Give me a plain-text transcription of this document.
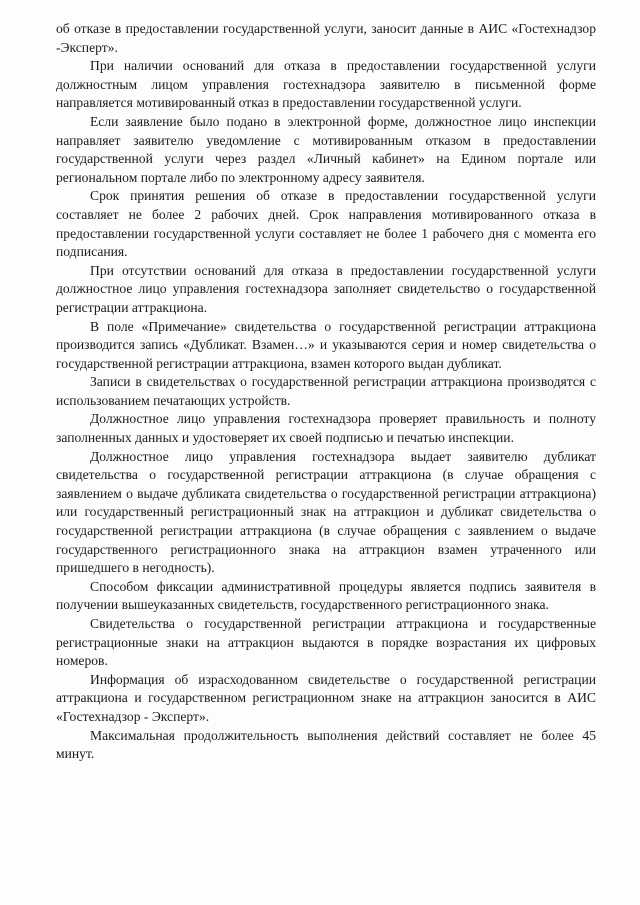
об отказе в предоставлении государственной услуги, заносит данные в АИС «Гостехнадзор -Эксперт».

При наличии оснований для отказа в предоставлении государственной услуги должностным лицом управления гостехнадзора заявителю в письменной форме направляется мотивированный отказ в предоставлении государственной услуги.

Если заявление было подано в электронной форме, должностное лицо инспекции направляет заявителю уведомление с мотивированным отказом в предоставлении государственной услуги через раздел «Личный кабинет» на Едином портале или региональном портале либо по электронному адресу заявителя.

Срок принятия решения об отказе в предоставлении государственной услуги составляет не более 2 рабочих дней. Срок направления мотивированного отказа в предоставлении государственной услуги составляет не более 1 рабочего дня с момента его подписания.

При отсутствии оснований для отказа в предоставлении государственной услуги должностное лицо управления гостехнадзора заполняет свидетельство о государственной регистрации аттракциона.

В поле «Примечание» свидетельства о государственной регистрации аттракциона производится запись «Дубликат. Взамен…» и указываются серия и номер свидетельства о государственной регистрации аттракциона, взамен которого выдан дубликат.

Записи в свидетельствах о государственной регистрации аттракциона производятся с использованием печатающих устройств.

Должностное лицо управления гостехнадзора проверяет правильность и полноту заполненных данных и удостоверяет их своей подписью и печатью инспекции.

Должностное лицо управления гостехнадзора выдает заявителю дубликат свидетельства о государственной регистрации аттракциона (в случае обращения с заявлением о выдаче дубликата свидетельства о государственной регистрации аттракциона) или государственный регистрационный знак на аттракцион и дубликат свидетельства о государственной регистрации аттракциона (в случае обращения с заявлением о выдаче государственного регистрационного знака на аттракцион взамен утраченного или пришедшего в негодность).

Способом фиксации административной процедуры является подпись заявителя в получении вышеуказанных свидетельств, государственного регистрационного знака.

Свидетельства о государственной регистрации аттракциона и государственные регистрационные знаки на аттракцион выдаются в порядке возрастания их цифровых номеров.

Информация об израсходованном свидетельстве о государственной регистрации аттракциона и государственном регистрационном знаке на аттракцион заносится в АИС «Гостехнадзор - Эксперт».

Максимальная продолжительность выполнения действий составляет не более 45 минут.
